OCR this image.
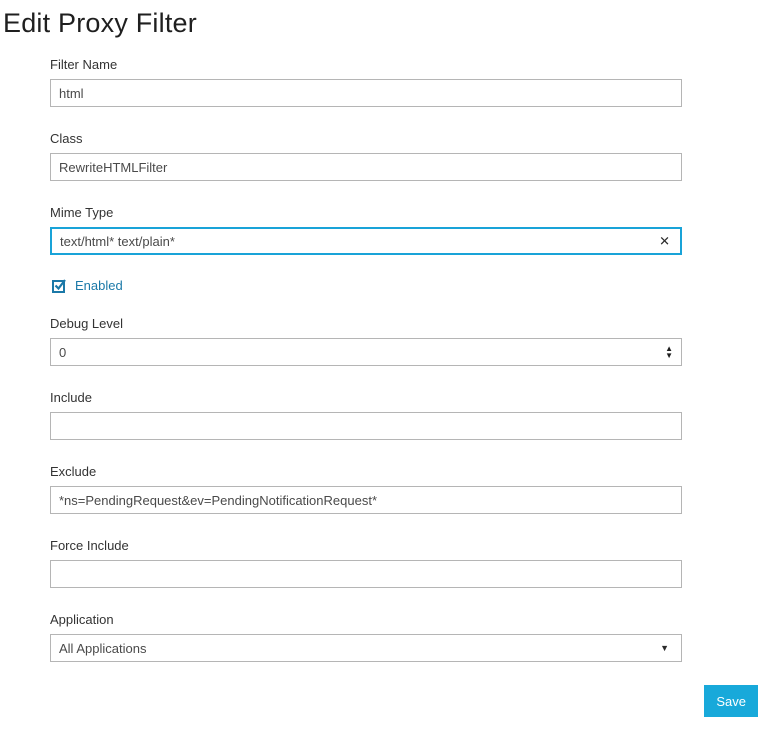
Edit Proxy Filter
Filter Name
html
Class
RewriteHTMLFilter
Mime Type
text/html* text/plain*
✕
Enabled
Debug Level
0
▲
▼
Include
Exclude
*ns=PendingRequest&ev=PendingNotificationRequest*
Force Include
Application
All Applications	▼
Save
